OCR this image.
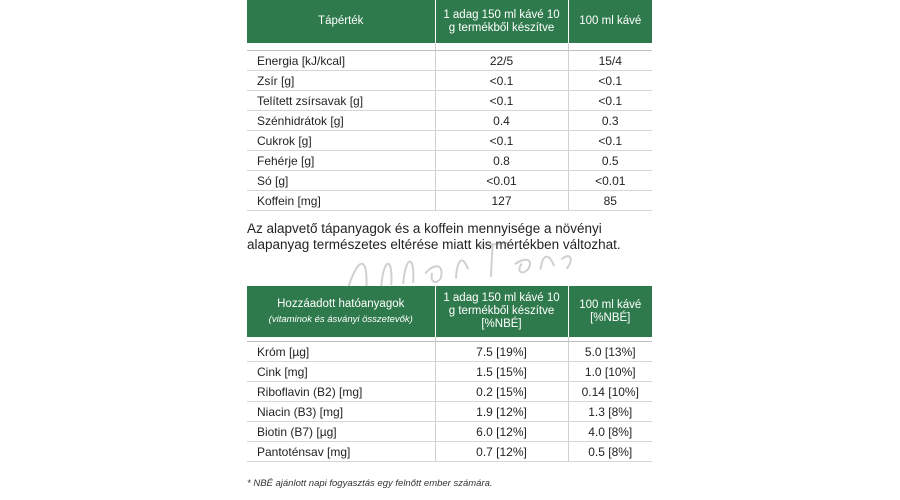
Tápérték	1 adag 150 ml kávé 10 g termékből készítve	100 ml kávé

Energia [kJ/kcal]	22/5	15/4
Zsír [g]	<0.1	<0.1
Telített zsírsavak [g]	<0.1	<0.1
Szénhidrátok [g]	0.4	0.3
Cukrok [g]	<0.1	<0.1
Fehérje [g]	0.8	0.5
Só [g]	<0.01	<0.01
Koffein [mg]	127	85

Az alapvető tápanyagok és a koffein mennyisége a növényi alapanyag természetes eltérése miatt kis mértékben változhat.

Hozzáadott hatóanyagok
(vitaminok és ásványi összetevők)	1 adag 150 ml kávé 10 g termékből készítve [%NBÉ]	100 ml kávé [%NBÉ]

Króm [µg]	7.5 [19%]	5.0 [13%]
Cink [mg]	1.5 [15%]	1.0 [10%]
Riboflavin (B2) [mg]	0.2 [15%]	0.14 [10%]
Niacin (B3) [mg]	1.9 [12%]	1.3 [8%]
Biotin (B7) [µg]	6.0 [12%]	4.0 [8%]
Pantoténsav [mg]	0.7 [12%]	0.5 [8%]

* NBÉ ajánlott napi fogyasztás egy felnőtt ember számára.
